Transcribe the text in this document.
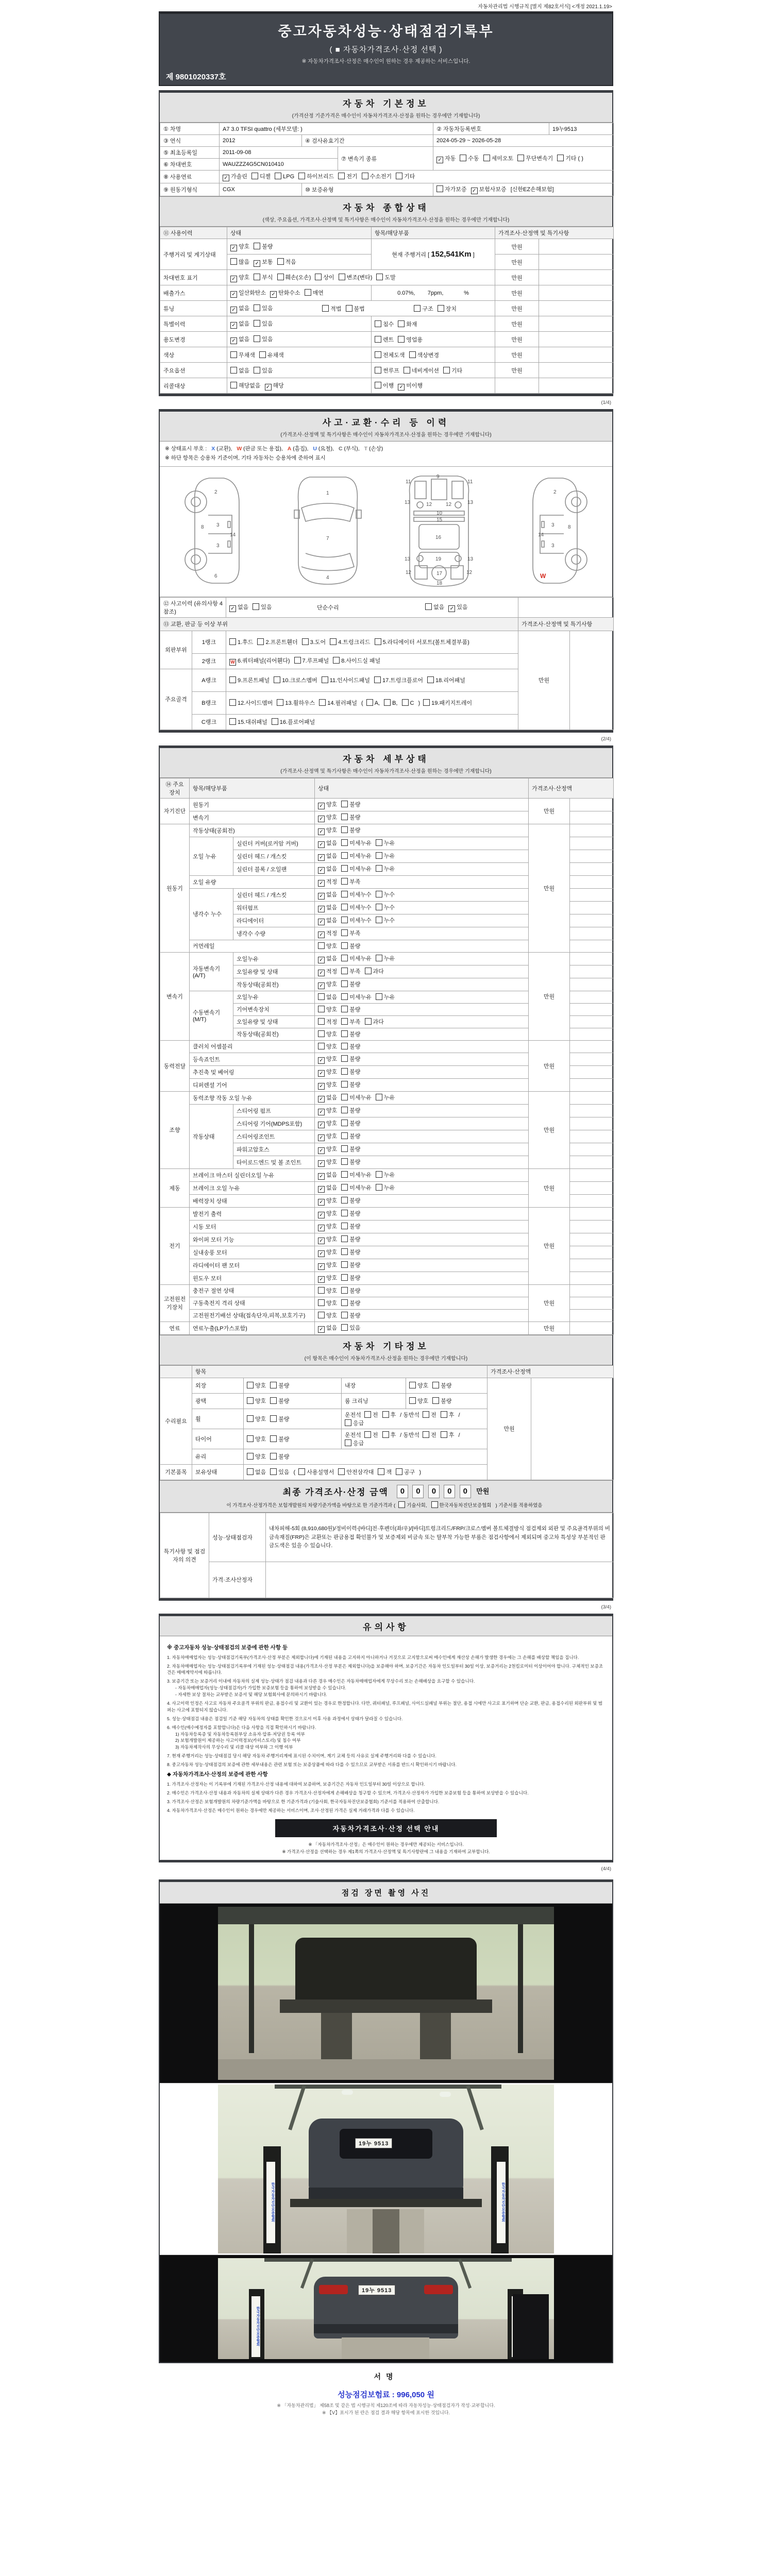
자동차관리법 시행규칙 [별지 제82호서식] <개정 2021.1.19>
중고자동차성능·상태점검기록부
( ■ 자동차가격조사·산정 선택 )
※ 자동차가격조사·산정은 매수인이 원하는 경우 제공하는 서비스입니다.
제 9801020337호
자동차 기본정보
(가격산정 기준가격은 매수인이 자동차가격조사·산정을 원하는 경우에만 기재합니다)
① 차명	A7 3.0 TFSI quattro (세부모델: )			② 자동차등록번호	19누9513
③ 연식	2012	④ 검사유효기간		2024-05-29 ~ 2026-05-28	
⑤ 최초등록일	2011-09-08		⑦ 변속기 종류	✓ 자동 수동 세미오토 무단변속기 기타 ( )	
⑥ 차대번호	WAUZZZ4G5CN010410				
⑧ 사용연료	✓ 가솔린 디젤 LPG 하이브리드 전기 수소전기 기타				
⑨ 원동기형식	CGX	⑩ 보증유형		자가보증 ✓ 보험사보증 [신한EZ손해보험]	
자동차 종합상태
(색상, 주요옵션, 가격조사·산정액 및 특기사항은 매수인이 자동차가격조사·산정을 원하는 경우에만 기재합니다)
⑪ 사용이력	상태	항목/해당부품	가격조사·산정액 및 특기사항	
주행거리 및 계기상태	✓ 양호 불량	현재 주행거리 [ 152,541Km ]	만원	
	많음 ✓ 보통 적음		만원	
차대번호 표기	✓ 양호 부식 훼손(오손) 상이 변조(변타) 도말		만원	
배출가스	✓ 일산화탄소 ✓ 탄화수소 매연	0.07%,        7ppm,             %	만원	
튜닝	✓ 없음 있음 적법 불법 구조 장치		만원	
특별이력	✓ 없음 있음	침수 화재	만원	
용도변경	✓ 없음 있음	렌트 영업용	만원	
색상	무채색 유채색	전체도색 색상변경	만원	
주요옵션	없음 있음	썬루프 네비게이션 기타	만원	
리콜대상	해당없음 ✓ 해당	이행 ✓ 미이행		
(1/4)
사고·교환·수리 등 이력
(가격조사·산정액 및 특기사항은 매수인이 자동차가격조사·산정을 원하는 경우에만 기재합니다)
※ 상태표시 부호 : X (교환), W (판금 또는 용접), A (흠집), U (요철), C (부식), T (손상)
※ 하단 항목은 승용차 기준이며, 기타 자동차는 승용차에 준하여 표시
2
8 3
3
14
6
1
7
4
11
9
11
13	12	12	13
10
15
16
13	19	13
12	17	12
18
2
8
3
3
14
W
⑫ 사고이력 (유의사항 4 참조)		✓ 없음 있음 단순수리 없음 ✓ 있음		

⑬ 교환, 판금 등 이상 부위			가격조사·산정액 및 특기사항	
외판부위	1랭크	1.후드 2.프론트휀더 3.도어 4.트렁크리드 5.라디에이터 서포트(볼트체결부품)	만원	
	2랭크	W 6.쿼터패널(리어휀다) 7.루프패널 8.사이드실 패널		
주요골격	A랭크	9.프론트패널 10.크로스멤버 11.인사이드패널 17.트렁크플로어 18.리어패널		
	B랭크	12.사이드멤버 13.휠하우스 14.필러패널 ( A, B, C ) 19.패키지트레이		
	C랭크	15.대쉬패널 16.플로어패널		
(2/4)
자동차 세부상태
(가격조사·산정액 및 특기사항은 매수인이 자동차가격조사·산정을 원하는 경우에만 기재합니다)
⑭ 주요장치	항목/해당부품		상태	가격조사·산정액	
자기진단	원동기		✓ 양호 불량	만원	
	변속기		✓ 양호 불량		
원동기	작동상태(공회전)		✓ 양호 불량	만원	
	오일 누유	실린더 커버(로커암 커버)	✓ 없음 미세누유 누유		
		실린더 헤드 / 개스킷	✓ 없음 미세누유 누유		
		실린더 블록 / 오일팬	✓ 없음 미세누유 누유		
	오일 유량		✓ 적정 부족		
	냉각수 누수	실린더 헤드 / 개스킷	✓ 없음 미세누수 누수		
		워터펌프	✓ 없음 미세누수 누수		
		라디에이터	✓ 없음 미세누수 누수		
		냉각수 수량	✓ 적정 부족		
	커먼레일		양호 불량		
변속기	자동변속기 (A/T)	오일누유	✓ 없음 미세누유 누유	만원	
		오일유량 및 상태	✓ 적정 부족 과다		
		작동상태(공회전)	✓ 양호 불량		
	수동변속기 (M/T)	오일누유	없음 미세누유 누유		
		기어변속장치	양호 불량		
		오일유량 및 상태	적정 부족 과다		
		작동상태(공회전)	양호 불량		
동력전달	클러치 어셈블리		양호 불량	만원	
	등속죠인트		✓ 양호 불량		
	추진축 및 베어링		✓ 양호 불량		
	디퍼렌셜 기어		✓ 양호 불량		
조향	동력조향 작동 오일 누유		✓ 없음 미세누유 누유	만원	
	작동상태	스티어링 펌프	✓ 양호 불량		
		스티어링 기어(MDPS포함)	✓ 양호 불량		
		스티어링조인트	✓ 양호 불량		
		파워고압호스	✓ 양호 불량		
		타이로드엔드 및 볼 조인트	✓ 양호 불량		
제동	브레이크 마스터 실린더오일 누유		✓ 없음 미세누유 누유	만원	
	브레이크 오일 누유		✓ 없음 미세누유 누유		
	배력장치 상태		✓ 양호 불량		
전기	발전기 출력		✓ 양호 불량	만원	
	시동 모터		✓ 양호 불량		
	와이퍼 모터 기능		✓ 양호 불량		
	실내송풍 모터		✓ 양호 불량		
	라디에이터 팬 모터		✓ 양호 불량		
	윈도우 모터		✓ 양호 불량		
고전원전기장치	충전구 절연 상태		양호 불량	만원	
	구동축전지 격리 상태		양호 불량		
	고전원전기배선 상태(접속단자,피복,보호기구)		양호 불량		
연료	연료누출(LP가스포함)		✓ 없음 있음	만원	
자동차 기타정보
(이 항목은 매수인이 자동차가격조사·산정을 원하는 경우에만 기재합니다)
	항목				가격조사·산정액	
수리필요	외장	양호 불량	내장	양호 불량	만원	
	광택	양호 불량	룸 크리닝	양호 불량		
	휠	양호 불량	운전석 전 후 / 동반석 전 후 /응급			
	타이어	양호 불량	운전석 전 후 / 동반석 전 후 /응급			
	유리	양호 불량				
기본품목	보유상태	없음 있음 ( 사용설명서 안전삼각대 잭 공구 )				
최종 가격조사·산정 금액	0 0 0 0 0 만원
이 가격조사·산정가격은 보험개발원의 차량기준가액을 바탕으로 한 기준가격과 ( 기술사회,	한국자동차진단보증협회 ) 기준서를 적용하였음
특기사항 및 점검자의 의견	성능·상태점검자	내차피해-5회 (8,910,680원)/정비이력-[바디]전·후펜더(좌/우)/[바디]트렁크리드/FRP/크로스멤버 볼트체결방식 점검제외 외판 및 주요골격부위의 비금속재질(FRP)은 교환또는 판금용접 확인불가 및 보증제외 비금속 또는 탈부착 가능한 부품은 점검사항에서 제외되며 중고차 특성상 부분적인 판금도색은 있을 수 있습니다.
	가격·조사산정자	
(3/4)
유의사항
※ 중고자동차 성능·상태점검의 보증에 관한 사항 등
1. 자동차매매업자는 성능·상태점검기록부(가격조사·산정 부분은 제외합니다)에 기재된 내용을 고지하지 아니하거나 거짓으로 고지함으로써 매수인에게 재산상 손해가 발생한 경우에는 그 손해를 배상할 책임을 집니다.
2. 자동차매매업자는 성능·상태점검기록부에 기재된 성능·상태점검 내용(가격조사·산정 부분은 제외합니다)을 보증해야 하며, 보증기간은 자동차 인도일부터 30일 이상, 보증거리는 2천킬로미터 이상이어야 합니다. 구체적인 보증조건은 매매계약서에 따릅니다.
3. 보증기간 또는 보증거리 이내에 자동차의 실제 성능·상태가 점검 내용과 다른 경우 매수인은 자동차매매업자에게 무상수리 또는 손해배상을 요구할 수 있습니다.
- 자동차매매업자(성능·상태점검자)가 가입한 보증보험 등을 통하여 보상받을 수 있습니다.
- 자세한 보상 절차는 교부받은 보증서 및 해당 보험회사에 문의하시기 바랍니다.
4. 사고이력 인정은 사고로 자동차 주요골격 부위의 판금, 용접수리 및 교환이 있는 경우로 한정합니다. 다만, 쿼터패널, 루프패널, 사이드실패널 부위는 절단, 용접 시에만 사고로 표기하며 단순 교환, 판금, 용접수리된 외판부위 및 범퍼는 사고에 포함되지 않습니다.
5. 성능·상태점검 내용은 점검일 기준 해당 자동차의 상태를 확인한 것으로서 이후 사용 과정에서 상태가 달라질 수 있습니다.
6. 매수인(매수예정자를 포함합니다)은 다음 사항을 직접 확인하시기 바랍니다.
1) 자동차등록증 및 자동차등록원부상 소유자·압류·저당권 등록 여부
2) 보험개발원이 제공하는 사고이력정보(카히스토리) 및 침수 여부
3) 자동차제작사의 무상수리 및 리콜 대상 여부와 그 이행 여부
7. 현재 주행거리는 성능·상태점검 당시 해당 자동차 주행거리계에 표시된 수치이며, 계기 교체 등의 사유로 실제 주행거리와 다를 수 있습니다.
8. 중고자동차 성능·상태점검의 보증에 관한 세부내용은 관련 보험 또는 보증상품에 따라 다를 수 있으므로 교부받은 서류를 반드시 확인하시기 바랍니다.
◆ 자동차가격조사·산정의 보증에 관한 사항
1. 가격조사·산정자는 이 기록부에 기재된 가격조사·산정 내용에 대하여 보증하며, 보증기간은 자동차 인도일부터 30일 이상으로 합니다.
2. 매수인은 가격조사·산정 내용과 자동차의 실제 상태가 다른 경우 가격조사·산정자에게 손해배상을 청구할 수 있으며, 가격조사·산정자가 가입한 보증보험 등을 통하여 보상받을 수 있습니다.
3. 가격조사·산정은 보험개발원의 차량기준가액을 바탕으로 한 기준가격과 (기술사회, 한국자동차진단보증협회) 기준서를 적용하여 산출합니다.
4. 자동차가격조사·산정은 매수인이 원하는 경우에만 제공하는 서비스이며, 조사·산정된 가격은 실제 거래가격과 다를 수 있습니다.
자동차가격조사·산정 선택 안내
※ 「자동차가격조사·산정」은 매수인이 원하는 경우에만 제공되는 서비스입니다.
※ 가격조사·산정을 선택하는 경우 제1쪽의 가격조사·산정액 및 특기사항란에 그 내용을 기재하여 교부합니다.
(4/4)
점검 장면 촬영 사진
한국자동차진단보증협회	한국자동차진단보증협회
19누 9513
한국자동차진단보증협회
19누 9513
서명
성능점검보험료 : 996,050 원
※ 「자동차관리법」 제58조 및 같은 법 시행규칙 제120조에 따라 자동차성능·상태점검자가 작성·교부합니다.
※ 【Ⅴ】표시가 된 란은 점검 결과 해당 항목에 표시한 것입니다.
